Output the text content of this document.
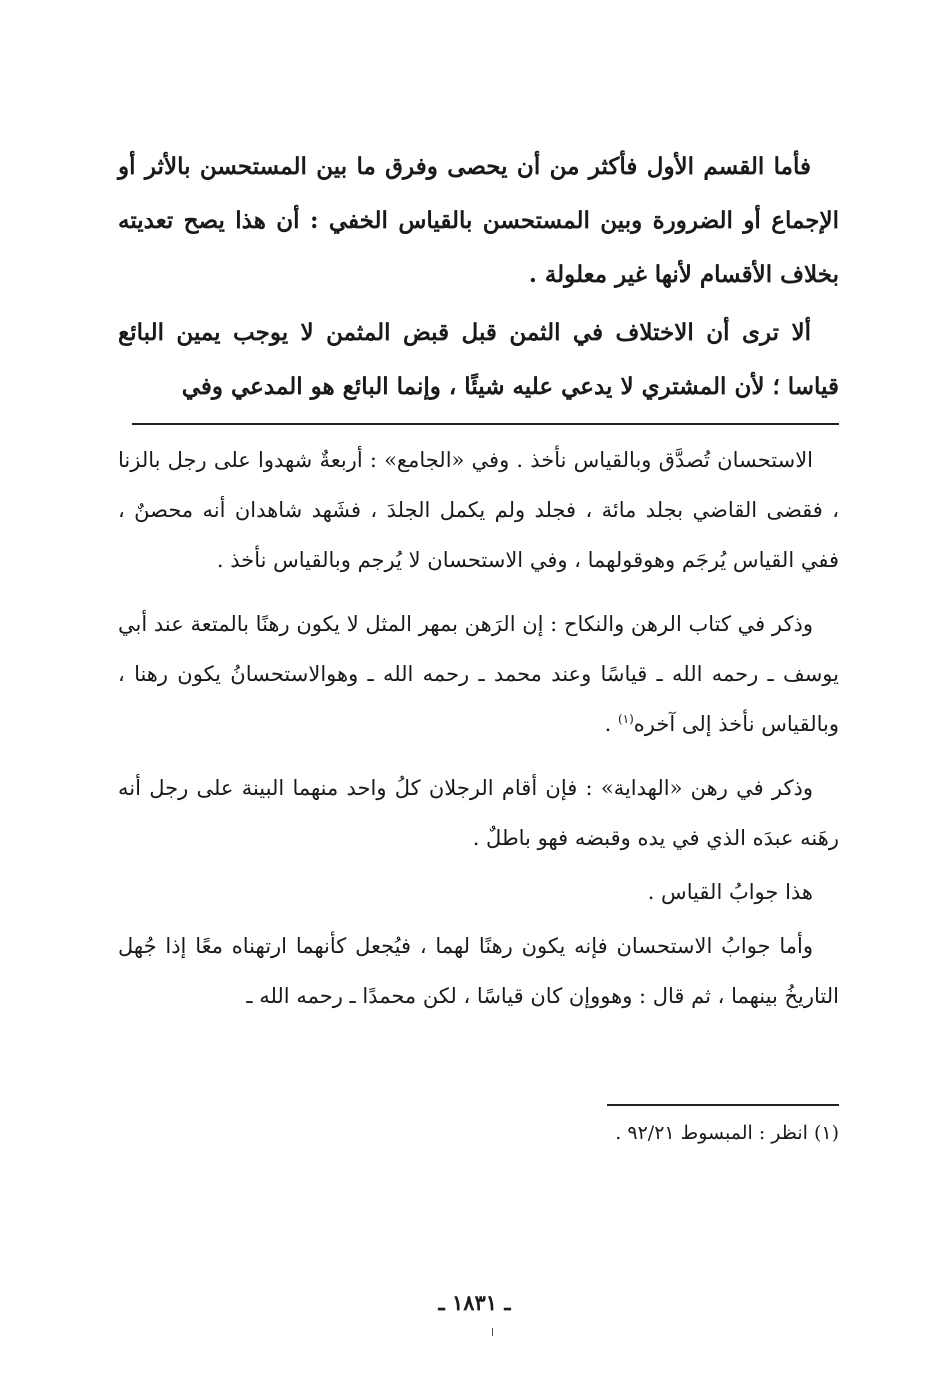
فأما القسم الأول فأكثر من أن يحصى وفرق ما بين المستحسن بالأثر أو الإجماع أو الضرورة وبين المستحسن بالقياس الخفي : أن هذا يصح تعديته بخلاف الأقسام لأنها غير معلولة .

ألا ترى أن الاختلاف في الثمن قبل قبض المثمن لا يوجب يمين البائع قياسا ؛ لأن المشتري لا يدعي عليه شيئًا ، وإنما البائع هو المدعي وفي

الاستحسان تُصدَّق وبالقياس نأخذ . وفي «الجامع» : أربعةٌ شهدوا على رجل بالزنا ، فقضى القاضي بجلد مائة ، فجلد ولم يكمل الجلدَ ، فشَهد شاهدان أنه محصنٌ ، ففي القياس يُرجَم وهوقولهما ، وفي الاستحسان لا يُرجم وبالقياس نأخذ .

وذكر في كتاب الرهن والنكاح : إن الرَهن بمهر المثل لا يكون رهنًا بالمتعة عند أبي يوسف ـ رحمه الله ـ قياسًا وعند محمد ـ رحمه الله ـ وهوالاستحسانُ يكون رهنا ، وبالقياس نأخذ إلى آخره$^{(١)}$ .

وذكر في رهن «الهداية» : فإن أقام الرجلان كلُ واحد منهما البينة على رجل أنه رهَنه عبدَه الذي في يده وقبضه فهو باطلٌ .

هذا جوابُ القياس .

وأما جوابُ الاستحسان فإنه يكون رهنًا لهما ، فيُجعل كأنهما ارتهناه معًا إذا جُهل التاريخُ بينهما ، ثم قال : وهووإن كان قياسًا ، لكن محمدًا ـ رحمه الله ـ

(١) انظر : المبسوط ٩٢/٢١ .

ـ ١٨٣١ ـ
